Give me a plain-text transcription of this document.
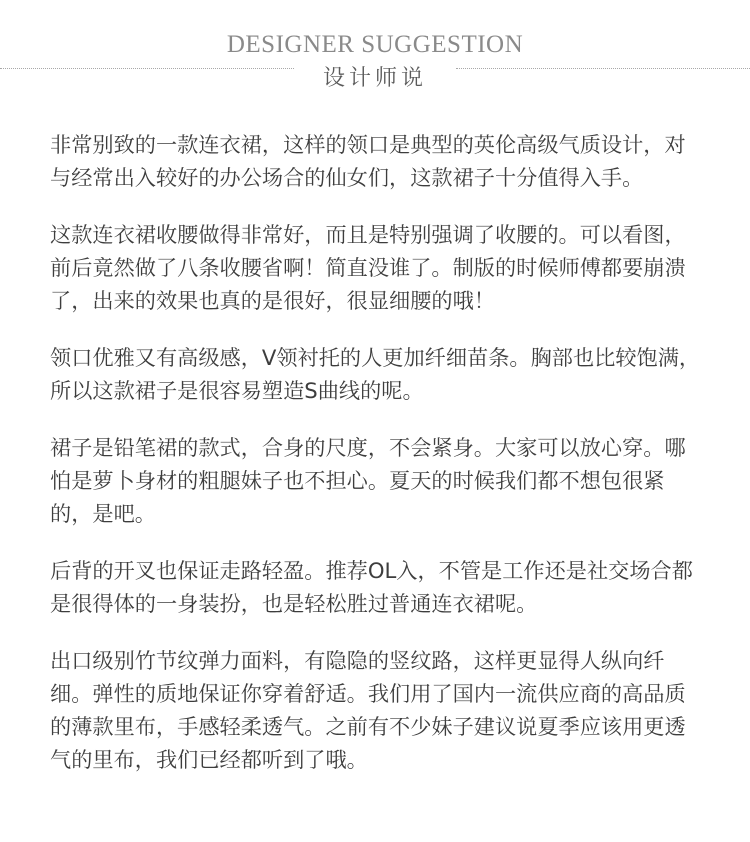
DESIGNER SUGGESTION
设计师说

非常别致的一款连衣裙，这样的领口是典型的英伦高级气质设计，对与经常出入较好的办公场合的仙女们，这款裙子十分值得入手。

这款连衣裙收腰做得非常好，而且是特别强调了收腰的。可以看图，前后竟然做了八条收腰省啊！简直没谁了。制版的时候师傅都要崩溃了，出来的效果也真的是很好，很显细腰的哦！

领口优雅又有高级感，V领衬托的人更加纤细苗条。胸部也比较饱满，所以这款裙子是很容易塑造S曲线的呢。

裙子是铅笔裙的款式，合身的尺度，不会紧身。大家可以放心穿。哪怕是萝卜身材的粗腿妹子也不担心。夏天的时候我们都不想包很紧的，是吧。

后背的开叉也保证走路轻盈。推荐OL入，不管是工作还是社交场合都是很得体的一身装扮，也是轻松胜过普通连衣裙呢。

出口级别竹节纹弹力面料，有隐隐的竖纹路，这样更显得人纵向纤细。弹性的质地保证你穿着舒适。我们用了国内一流供应商的高品质的薄款里布，手感轻柔透气。之前有不少妹子建议说夏季应该用更透气的里布，我们已经都听到了哦。
